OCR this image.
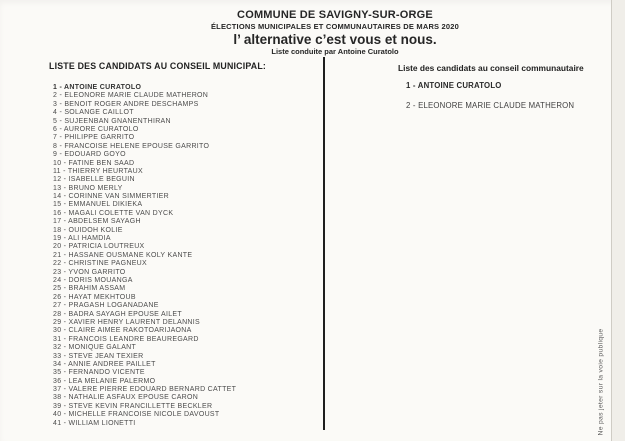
COMMUNE DE SAVIGNY-SUR-ORGE
ÉLECTIONS MUNICIPALES ET COMMUNAUTAIRES DE MARS 2020
l’ alternative c’est vous et nous.
Liste conduite par Antoine Curatolo
LISTE DES CANDIDATS AU CONSEIL MUNICIPAL:
1 - ANTOINE CURATOLO
2 - ELEONORE MARIE CLAUDE MATHERON
3 - BENOIT ROGER ANDRE DESCHAMPS
4 - SOLANGE CAILLOT
5 - SUJEENBAN GNANENTHIRAN
6 - AURORE CURATOLO
7 - PHILIPPE GARRITO
8 - FRANCOISE HELENE EPOUSE GARRITO
9 - EDOUARD GOYO
10 - FATINE BEN SAAD
11 - THIERRY HEURTAUX
12 - ISABELLE BEGUIN
13 - BRUNO MERLY
14 - CORINNE VAN SIMMERTIER
15 - EMMANUEL DIKIEKA
16 - MAGALI COLETTE VAN DYCK
17 - ABDELSEM SAYAGH
18 - OUIDOH KOLIE
19 - ALI HAMDIA
20 - PATRICIA LOUTREUX
21 - HASSANE OUSMANE KOLY KANTE
22 - CHRISTINE PAGNEUX
23 - YVON GARRITO
24 - DORIS MOUANGA
25 - BRAHIM ASSAM
26 - HAYAT MEKHTOUB
27 - PRAGASH LOGANADANE
28 - BADRA SAYAGH EPOUSE AILET
29 - XAVIER HENRY LAURENT DELANNIS
30 - CLAIRE AIMEE RAKOTOARIJAONA
31 - FRANCOIS LEANDRE BEAUREGARD
32 - MONIQUE GALANT
33 - STEVE JEAN TEXIER
34 - ANNIE ANDREE PAILLET
35 - FERNANDO VICENTE
36 - LEA MELANIE PALERMO
37 - VALERE PIERRE EDOUARD BERNARD CATTET
38 - NATHALIE ASFAUX EPOUSE CARON
39 - STEVE KEVIN FRANCILLETTE BECKLER
40 - MICHELLE FRANCOISE NICOLE DAVOUST
41 - WILLIAM LIONETTI
Liste des candidats au conseil communautaire
1 - ANTOINE CURATOLO
2 - ELEONORE MARIE CLAUDE MATHERON
Ne pas jeter sur la voie publique
